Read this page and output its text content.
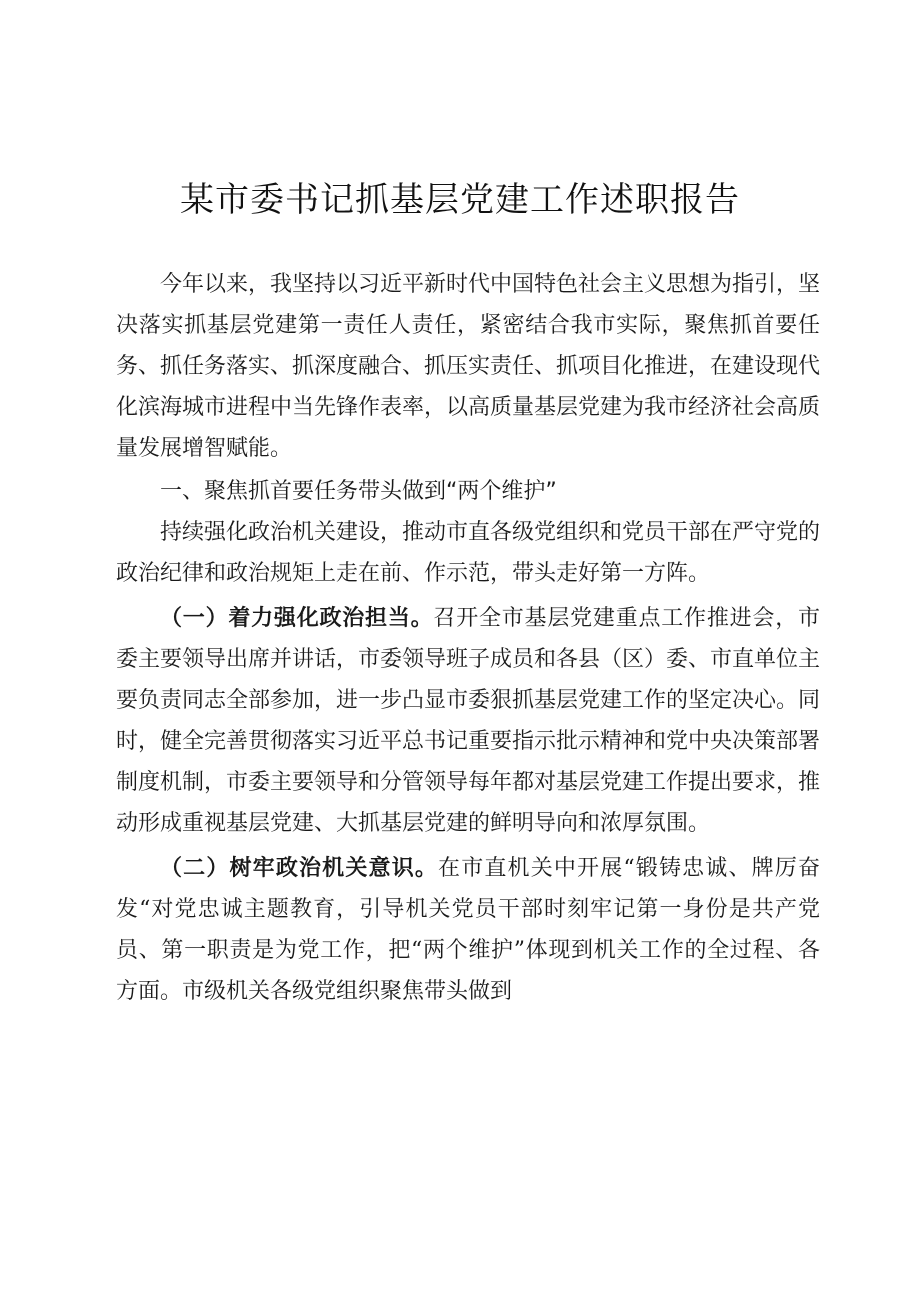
某市委书记抓基层党建工作述职报告

今年以来，我坚持以习近平新时代中国特色社会主义思想为指引，坚决落实抓基层党建第一责任人责任，紧密结合我市实际，聚焦抓首要任务、抓任务落实、抓深度融合、抓压实责任、抓项目化推进，在建设现代化滨海城市进程中当先锋作表率，以高质量基层党建为我市经济社会高质量发展增智赋能。

一、聚焦抓首要任务带头做到“两个维护”

持续强化政治机关建设，推动市直各级党组织和党员干部在严守党的政治纪律和政治规矩上走在前、作示范，带头走好第一方阵。

（一）着力强化政治担当。召开全市基层党建重点工作推进会，市委主要领导出席并讲话，市委领导班子成员和各县（区）委、市直单位主要负责同志全部参加，进一步凸显市委狠抓基层党建工作的坚定决心。同时，健全完善贯彻落实习近平总书记重要指示批示精神和党中央决策部署制度机制，市委主要领导和分管领导每年都对基层党建工作提出要求，推动形成重视基层党建、大抓基层党建的鲜明导向和浓厚氛围。

（二）树牢政治机关意识。在市直机关中开展“锻铸忠诚、牌厉奋发“对党忠诚主题教育，引导机关党员干部时刻牢记第一身份是共产党员、第一职责是为党工作，把“两个维护”体现到机关工作的全过程、各方面。市级机关各级党组织聚焦带头做到
